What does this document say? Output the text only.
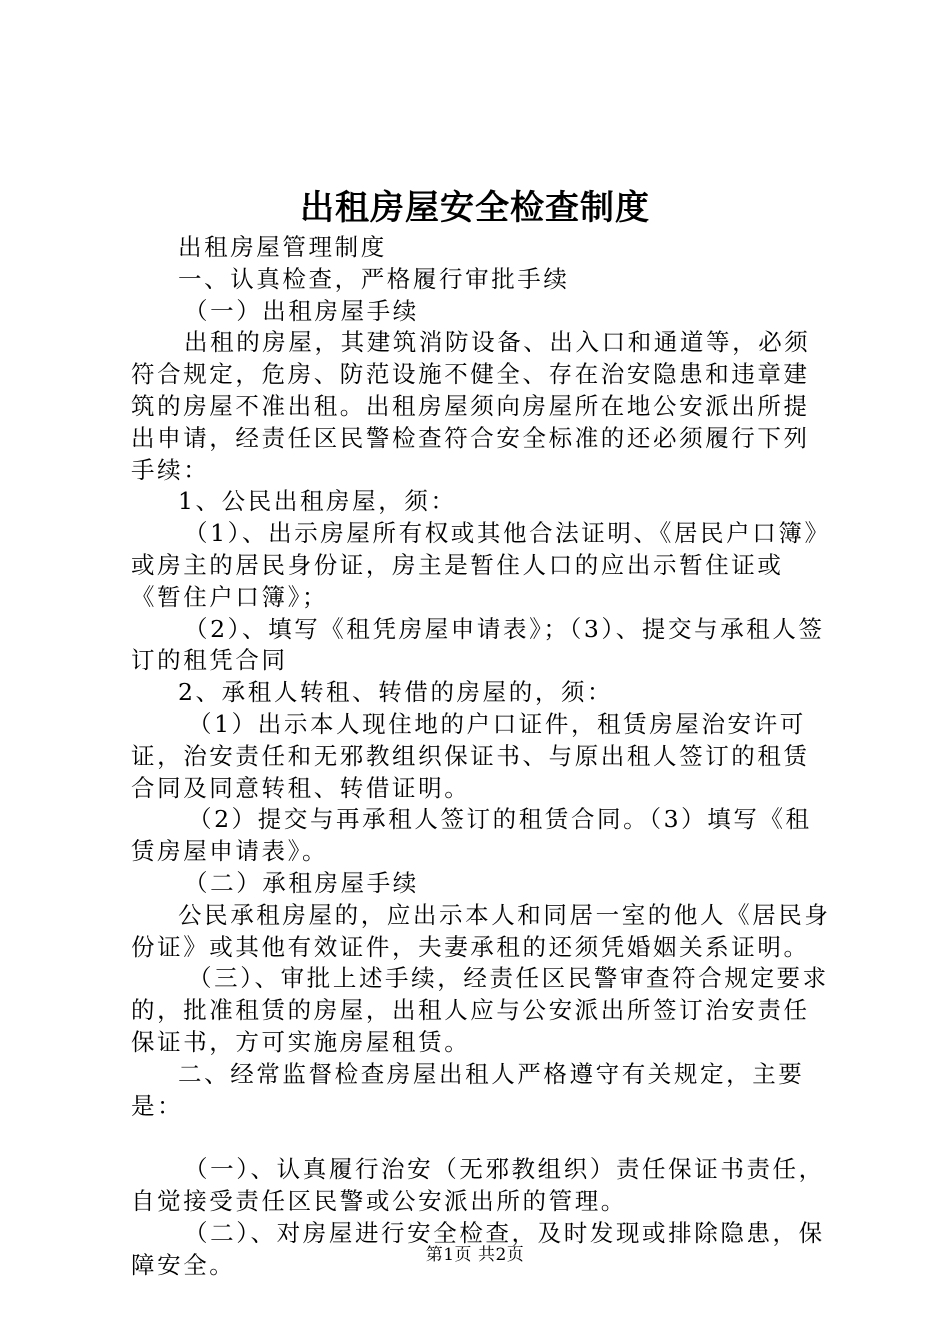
出租房屋安全检查制度

出租房屋管理制度

一、认真检查，严格履行审批手续

（一）出租房屋手续

出租的房屋，其建筑消防设备、出入口和通道等，必须符合规定，危房、防范设施不健全、存在治安隐患和违章建筑的房屋不准出租。出租房屋须向房屋所在地公安派出所提出申请，经责任区民警检查符合安全标准的还必须履行下列手续：

1、公民出租房屋，须：

（1）、出示房屋所有权或其他合法证明、《居民户口簿》或房主的居民身份证，房主是暂住人口的应出示暂住证或《暂住户口簿》；

（2）、填写《租凭房屋申请表》；（3）、提交与承租人签订的租凭合同

2、承租人转租、转借的房屋的，须：

（1）出示本人现住地的户口证件，租赁房屋治安许可证，治安责任和无邪教组织保证书、与原出租人签订的租赁合同及同意转租、转借证明。

（2）提交与再承租人签订的租赁合同。（3）填写《租赁房屋申请表》。

（二）承租房屋手续

公民承租房屋的，应出示本人和同居一室的他人《居民身份证》或其他有效证件，夫妻承租的还须凭婚姻关系证明。

（三）、审批上述手续，经责任区民警审查符合规定要求的，批准租赁的房屋，出租人应与公安派出所签订治安责任保证书，方可实施房屋租赁。

二、经常监督检查房屋出租人严格遵守有关规定，主要是：

（一）、认真履行治安（无邪教组织）责任保证书责任，自觉接受责任区民警或公安派出所的管理。

（二）、对房屋进行安全检查，及时发现或排除隐患，保障安全。	第1页 共2页
